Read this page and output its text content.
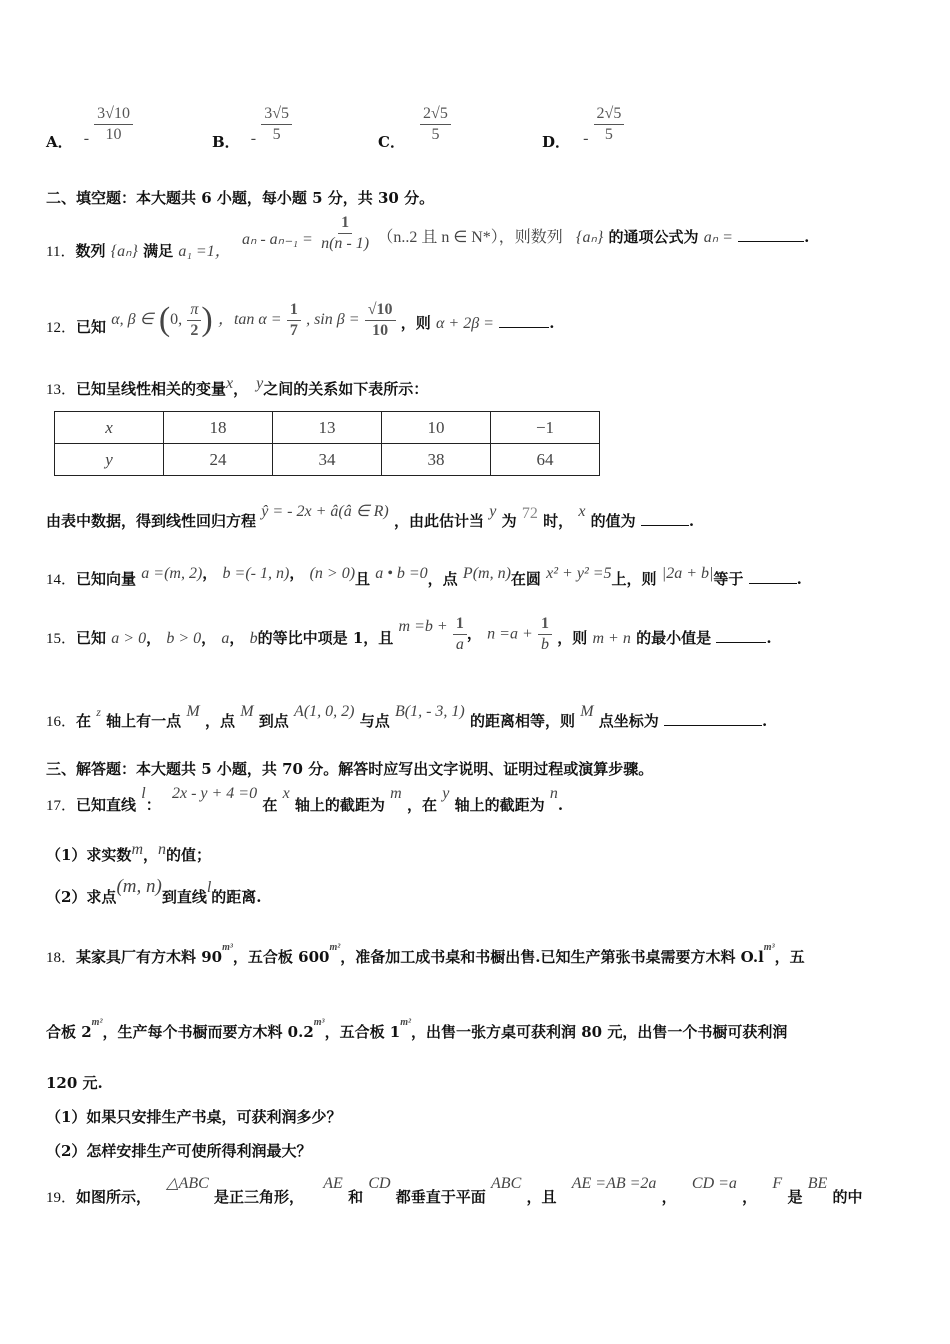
A． - $\frac{3√10}{10}$	B． - $\frac{3√5}{5}$	C． $\frac{2√5}{5}$	D． - $\frac{2√5}{5}$
二、填空题：本大题共 6 小题，每小题 5 分，共 30 分。
11．数列 {aₙ} 满足 a₁ =1， $a_n - a_{n-1} = \frac{1}{n(n - 1)} (n..2$ 且 n ∈ N*），则数列 {aₙ} 的通项公式为 aₙ =	.
12．已知 α, β ∈ (0, $\frac{\pi}{2}$ ) ，$\tan \alpha = \frac{1}{7}$ , $\sin \beta = \frac{√10}{10}$ ，则 α + 2β =	.
13．已知呈线性相关的变量x， y之间的关系如下表所示：
x	18	13	10	−1
y	24	34	38	64
由表中数据，得到线性回归方程 ŷ = - 2x + â(â ∈ R) ，由此估计当 y 为 72 时， x 的值为	.
14．已知向量 a =(m, 2)， b =(- 1, n)， (n > 0)且 a • b =0，点 P(m, n)在圆 x² + y² =5上，则 |2a + b|等于	.
15．已知 a > 0， b > 0， a， b的等比中项是 1，且 $m =b + \frac{1}{a}$ ， $n =a + \frac{1}{b}$ ，则 m + n 的最小值是	.
16．在 z 轴上有一点 M ，点 M 到点 A(1, 0, 2) 与点 B(1, - 3, 1) 的距离相等，则 M 点坐标为	.
三、解答题：本大题共 5 小题，共 70 分。解答时应写出文字说明、证明过程或演算步骤。
17．已知直线 l： 2x - y + 4 =0 在 x 轴上的截距为 m ，在 y 轴上的截距为 n.
（1）求实数m，n的值；
（2）求点(m, n)到直线l的距离.
18．某家具厂有方木料 $90^{m^3}$，五合板 $600^{m^2}$，准备加工成书桌和书橱出售.已知生产第张书桌需要方木料 $O.l^{m^3}$，五
合板 $2^{m^2}$，生产每个书橱而要方木料 $0.2^{m^3}$，五合板 $1^{m^2}$，出售一张方桌可获利润 80 元，出售一个书橱可获利润
120 元.
（1）如果只安排生产书桌，可获利润多少？
（2）怎样安排生产可使所得利润最大？
19．如图所示， △ABC 是正三角形， AE 和 CD 都垂直于平面 ABC ，且 AE =AB =2a ， CD =a ， F 是 BE 的中
